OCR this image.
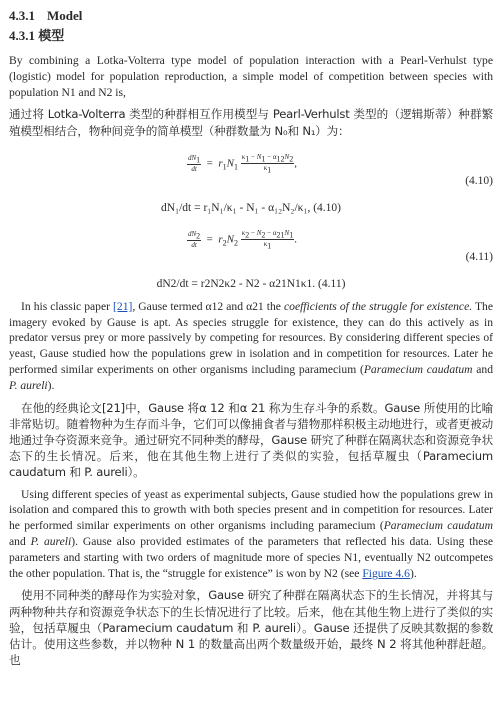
4.3.1 Model
4.3.1 模型

By combining a Lotka-Volterra type model of population interaction with a Pearl-Verhulst type (logistic) model for population reproduction, a simple model of competition between species with population N1 and N2 is,

通过将 Lotka-Volterra 类型的种群相互作用模型与 Pearl-Verhulst 类型的（逻辑斯蒂）种群繁殖模型相结合，物种间竞争的简单模型（种群数量为 N₀和 N₁）为：

$\frac{dN_1}{dt} = r_1N_1 \frac{\kappa_1 - N_1 - \alpha_{12}N_2}{\kappa_1}$ ,
(4.10)
dN₁/dt = r₁N₁/κ₁ - N₁ - α₁₂N₂/κ₁, (4.10)
$\frac{dN_2}{dt} = r_2N_2 \frac{\kappa_2 - N_2 - \alpha_{21}N_1}{\kappa_1}$ .
(4.11)
dN2/dt = r2N2κ2 - N2 - α21N1κ1. (4.11)

In his classic paper [21], Gause termed α12 and α21 the coefficients of the struggle for existence. The imagery evoked by Gause is apt. As species struggle for existence, they can do this actively as in predator versus prey or more passively by competing for resources. By considering different species of yeast, Gause studied how the populations grew in isolation and in competition for resources. Later he performed similar experiments on other organisms including paramecium (Paramecium caudatum and P. aureli).

在他的经典论文[21]中，Gause 将α 12 和α 21 称为生存斗争的系数。Gause 所使用的比喻非常贴切。随着物种为生存而斗争，它们可以像捕食者与猎物那样积极主动地进行，或者更被动地通过争夺资源来竞争。通过研究不同种类的酵母，Gause 研究了种群在隔离状态和资源竞争状态下的生长情况。后来，他在其他生物上进行了类似的实验，包括草履虫（Paramecium caudatum 和 P. aureli）。

Using different species of yeast as experimental subjects, Gause studied how the populations grew in isolation and compared this to growth with both species present and in competition for resources. Later he performed similar experiments on other organisms including paramecium (Paramecium caudatum and P. aureli). Gause also provided estimates of the parameters that reflected his data. Using these parameters and starting with two orders of magnitude more of species N1, eventually N2 outcompetes the other population. That is, the “struggle for existence” is won by N2 (see Figure 4.6).

使用不同种类的酵母作为实验对象，Gause 研究了种群在隔离状态下的生长情况，并将其与两种物种共存和资源竞争状态下的生长情况进行了比较。后来，他在其他生物上进行了类似的实验，包括草履虫（Paramecium caudatum 和 P. aureli）。Gause 还提供了反映其数据的参数估计。使用这些参数，并以物种 N 1 的数量高出两个数量级开始，最终 N 2 将其他种群赶超。也
